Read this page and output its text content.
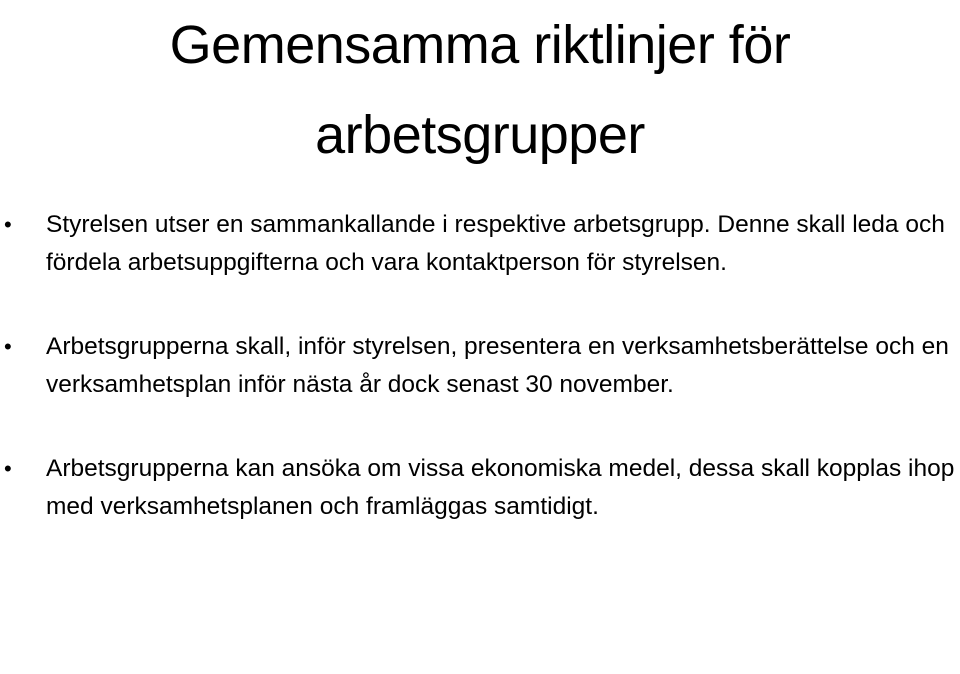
Gemensamma riktlinjer för arbetsgrupper
• Styrelsen utser en sammankallande i respektive arbetsgrupp. Denne skall leda och fördela arbetsuppgifterna och vara kontaktperson för styrelsen.
• Arbetsgrupperna skall, inför styrelsen, presentera en verksamhetsberättelse och en verksamhetsplan inför nästa år dock senast 30 november.
• Arbetsgrupperna kan ansöka om vissa ekonomiska medel, dessa skall kopplas ihop med verksamhetsplanen och framläggas samtidigt.
